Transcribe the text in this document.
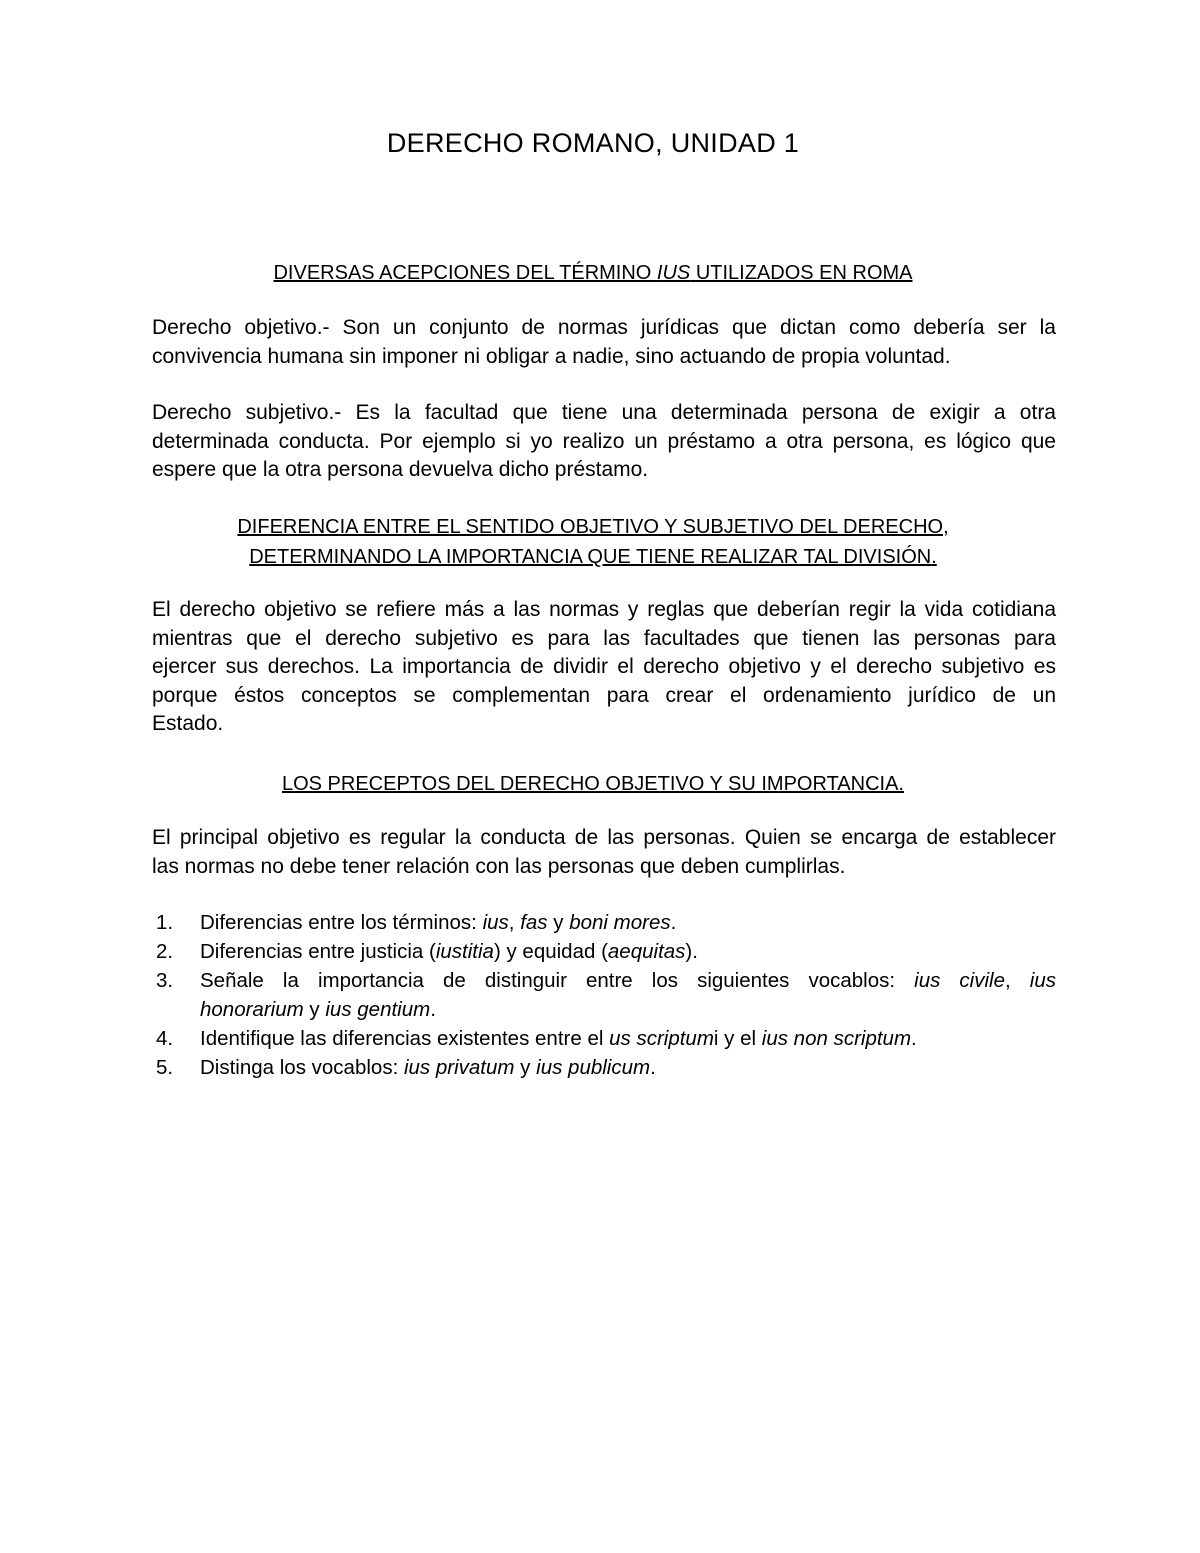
DERECHO ROMANO, UNIDAD 1
DIVERSAS ACEPCIONES DEL TÉRMINO IUS UTILIZADOS EN ROMA
Derecho objetivo.- Son un conjunto de normas jurídicas que dictan como debería ser la
convivencia humana sin imponer ni obligar a nadie, sino actuando de propia voluntad.
Derecho subjetivo.- Es la facultad que tiene una determinada persona de exigir a otra
determinada conducta. Por ejemplo si yo realizo un préstamo a otra persona, es lógico que
espere que la otra persona devuelva dicho préstamo.
DIFERENCIA ENTRE EL SENTIDO OBJETIVO Y SUBJETIVO DEL DERECHO,
DETERMINANDO LA IMPORTANCIA QUE TIENE REALIZAR TAL DIVISIÓN.
El derecho objetivo se refiere más a las normas y reglas que deberían regir la vida cotidiana
mientras que el derecho subjetivo es para las facultades que tienen las personas para
ejercer sus derechos. La importancia de dividir el derecho objetivo y el derecho subjetivo es
porque éstos conceptos se complementan para crear el ordenamiento jurídico de un
Estado.
LOS PRECEPTOS DEL DERECHO OBJETIVO Y SU IMPORTANCIA.
El principal objetivo es regular la conducta de las personas. Quien se encarga de establecer
las normas no debe tener relación con las personas que deben cumplirlas.
1. Diferencias entre los términos: ius, fas y boni mores.
2. Diferencias entre justicia (iustitia) y equidad (aequitas).
3. Señale la importancia de distinguir entre los siguientes vocablos: ius civile, ius
honorarium y ius gentium.
4. Identifique las diferencias existentes entre el us scriptumi y el ius non scriptum.
5. Distinga los vocablos: ius privatum y ius publicum.
